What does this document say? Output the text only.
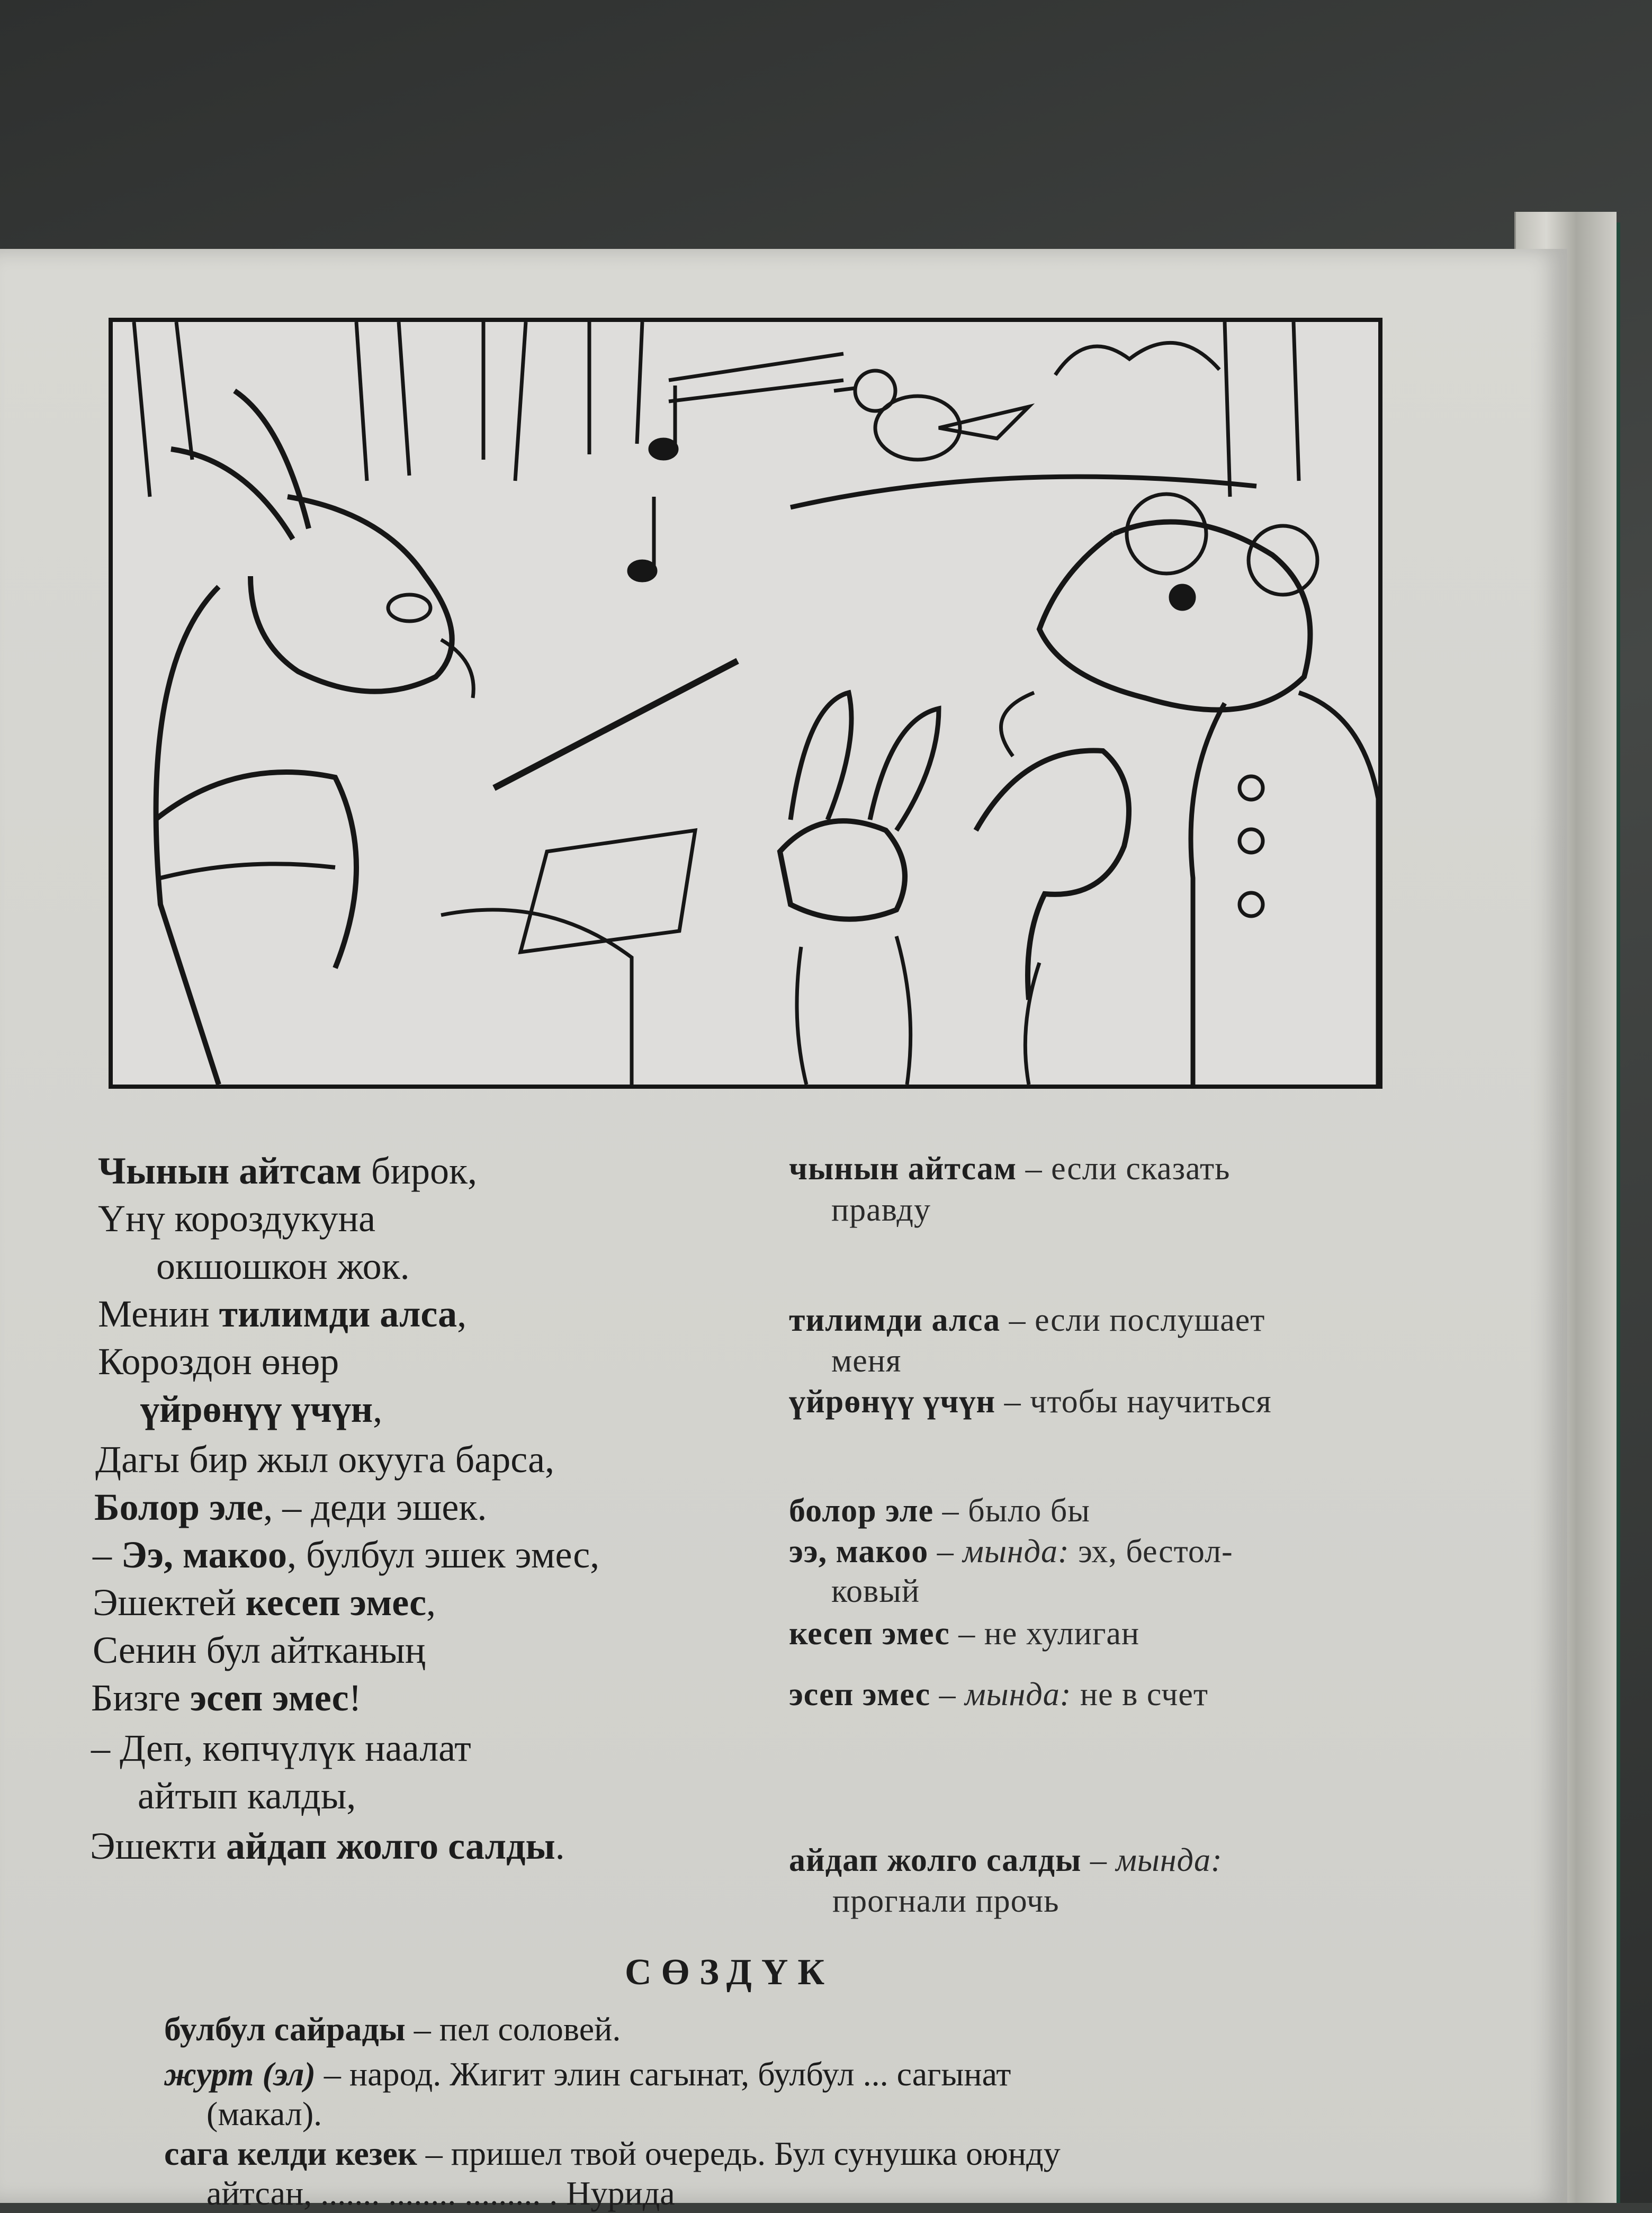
Чынын айтсам бирок,
Үнү короздукуна
окшошкон жок.
Менин тилимди алса,
Короздон өнөр
үйрөнүү үчүн,
Дагы бир жыл окууга барса,
Болор эле, – деди эшек.
– Ээ, макоо, булбул эшек эмес,
Эшектей кесеп эмес,
Сенин бул айтканың
Бизге эсеп эмес!
– Деп, көпчүлүк наалат
айтып калды,
Эшекти айдап жолго салды.
чынын айтсам – если сказать
правду
тилимди алса – если послушает
меня
үйрөнүү үчүн – чтобы научиться
болор эле – было бы
ээ, макоо – мында: эх, бестол-
ковый
кесеп эмес – не хулиган
эсеп эмес – мында: не в счет
айдап жолго салды – мында:
прогнали прочь
СӨЗДҮК
булбул сайрады – пел соловей.
журт (эл) – народ. Жигит элин сагынат, булбул ... сагынат
(макал).
сага келди кезек – пришел твой очередь. Бул сунушка оюнду
айтсан, ....... ........ ......... . Нурида
